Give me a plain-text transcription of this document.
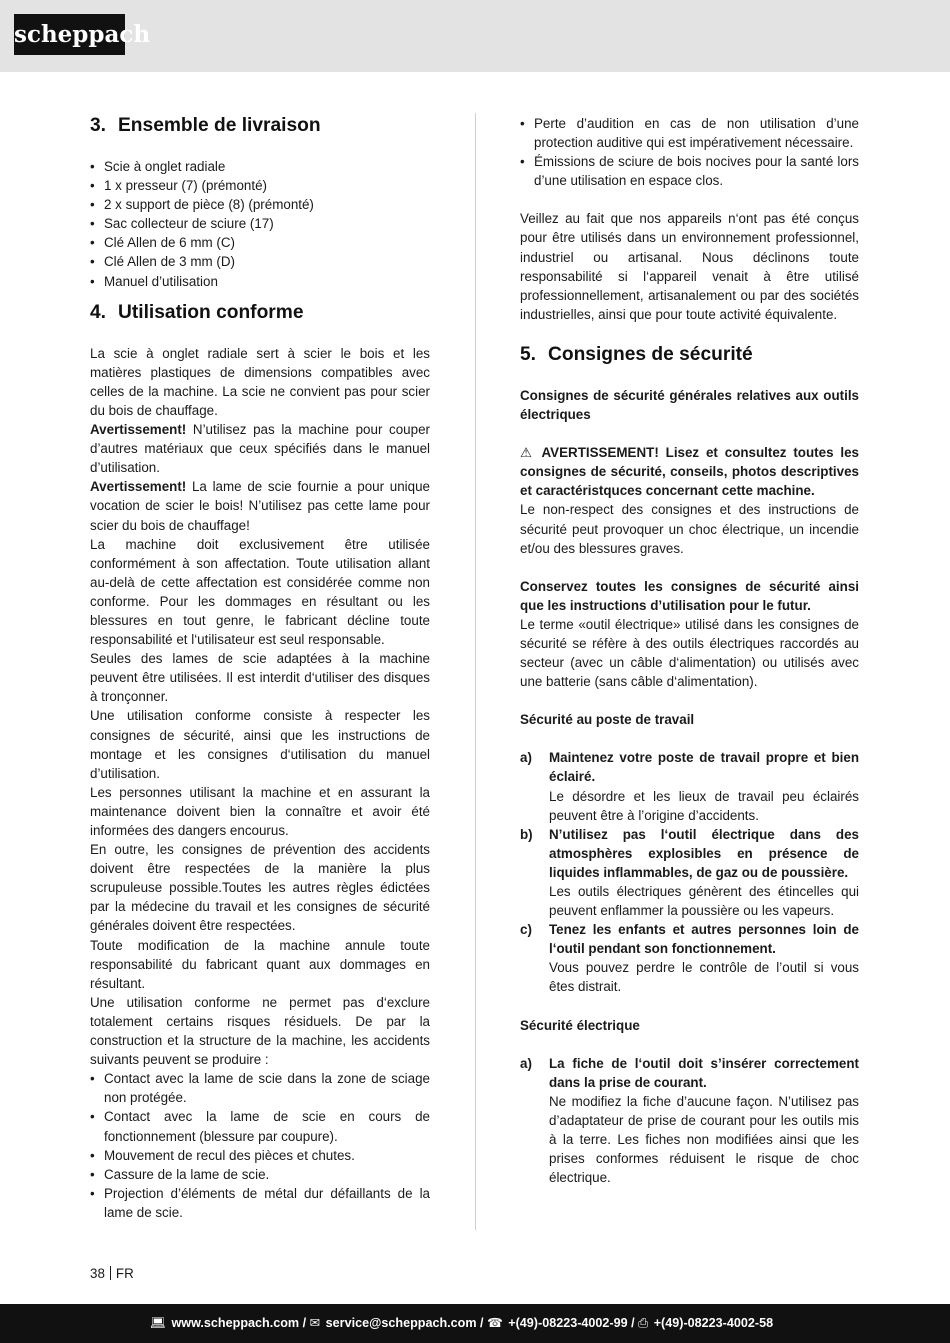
scheppach
3. Ensemble de livraison
• Scie à onglet radiale
• 1 x presseur (7) (prémonté)
• 2 x support de pièce (8) (prémonté)
• Sac collecteur de sciure (17)
• Clé Allen de 6 mm (C)
• Clé Allen de 3 mm (D)
• Manuel d’utilisation
4. Utilisation conforme

La scie à onglet radiale sert à scier le bois et les matières plastiques de dimensions compatibles avec celles de la machine. La scie ne convient pas pour scier du bois de chauffage.

Avertissement! N’utilisez pas la machine pour couper d’autres matériaux que ceux spécifiés dans le manuel d’utilisation.

Avertissement! La lame de scie fournie a pour unique vocation de scier le bois! N’utilisez pas cette lame pour scier du bois de chauffage!

La machine doit exclusivement être utilisée conformément à son affectation. Toute utilisation allant au-delà de cette affectation est considérée comme non conforme. Pour les dommages en résultant ou les blessures en tout genre, le fabricant décline toute responsabilité et l‘utilisateur est seul responsable.

Seules des lames de scie adaptées à la machine peuvent être utilisées. Il est interdit d‘utiliser des disques à tronçonner.

Une utilisation conforme consiste à respecter les consignes de sécurité, ainsi que les instructions de montage et les consignes d‘utilisation du manuel d’utilisation.

Les personnes utilisant la machine et en assurant la maintenance doivent bien la connaître et avoir été informées des dangers encourus.

En outre, les consignes de prévention des accidents doivent être respectées de la manière la plus scrupuleuse possible.Toutes les autres règles édictées par la médecine du travail et les consignes de sécurité générales doivent être respectées.

Toute modification de la machine annule toute responsabilité du fabricant quant aux dommages en résultant.

Une utilisation conforme ne permet pas d‘exclure totalement certains risques résiduels. De par la construction et la structure de la machine, les accidents suivants peuvent se produire :

• Contact avec la lame de scie dans la zone de sciage non protégée.
• Contact avec la lame de scie en cours de fonctionnement (blessure par coupure).
• Mouvement de recul des pièces et chutes.
• Cassure de la lame de scie.
• Projection d’éléments de métal dur défaillants de la lame de scie.
• Perte d’audition en cas de non utilisation d’une protection auditive qui est impérativement nécessaire.
• Émissions de sciure de bois nocives pour la santé lors d’une utilisation en espace clos.

Veillez au fait que nos appareils n‘ont pas été conçus pour être utilisés dans un environnement professionnel, industriel ou artisanal. Nous déclinons toute responsabilité si l‘appareil venait à être utilisé professionnellement, artisanalement ou par des sociétés industrielles, ainsi que pour toute activité équivalente.

5. Consignes de sécurité

Consignes de sécurité générales relatives aux outils électriques

⚠ AVERTISSEMENT! Lisez et consultez toutes les consignes de sécurité, conseils, photos descriptives et caractéristquces concernant cette machine.

Le non-respect des consignes et des instructions de sécurité peut provoquer un choc électrique, un incendie et/ou des blessures graves.

Conservez toutes les consignes de sécurité ainsi que les instructions d’utilisation pour le futur.

Le terme «outil électrique» utilisé dans les consignes de sécurité se réfère à des outils électriques raccordés au secteur (avec un câble d‘alimentation) ou utilisés avec une batterie (sans câble d‘alimentation).

Sécurité au poste de travail

a) Maintenez votre poste de travail propre et bien éclairé.
Le désordre et les lieux de travail peu éclairés peuvent être à l’origine d’accidents.
b) N’utilisez pas l‘outil électrique dans des atmosphères explosibles en présence de liquides inflammables, de gaz ou de poussière.
Les outils électriques génèrent des étincelles qui peuvent enflammer la poussière ou les vapeurs.
c) Tenez les enfants et autres personnes loin de l‘outil pendant son fonctionnement.
Vous pouvez perdre le contrôle de l’outil si vous êtes distrait.

Sécurité électrique

a) La fiche de l‘outil doit s’insérer correctement dans la prise de courant.
Ne modifiez la fiche d’aucune façon. N’utilisez pas d’adaptateur de prise de courant pour les outils mis à la terre. Les fiches non modifiées ainsi que les prises conformes réduisent le risque de choc électrique.
38 FR
💻︎ www.scheppach.com / ✉ service@scheppach.com / ☎ +(49)-08223-4002-99 / ⎙ +(49)-08223-4002-58
